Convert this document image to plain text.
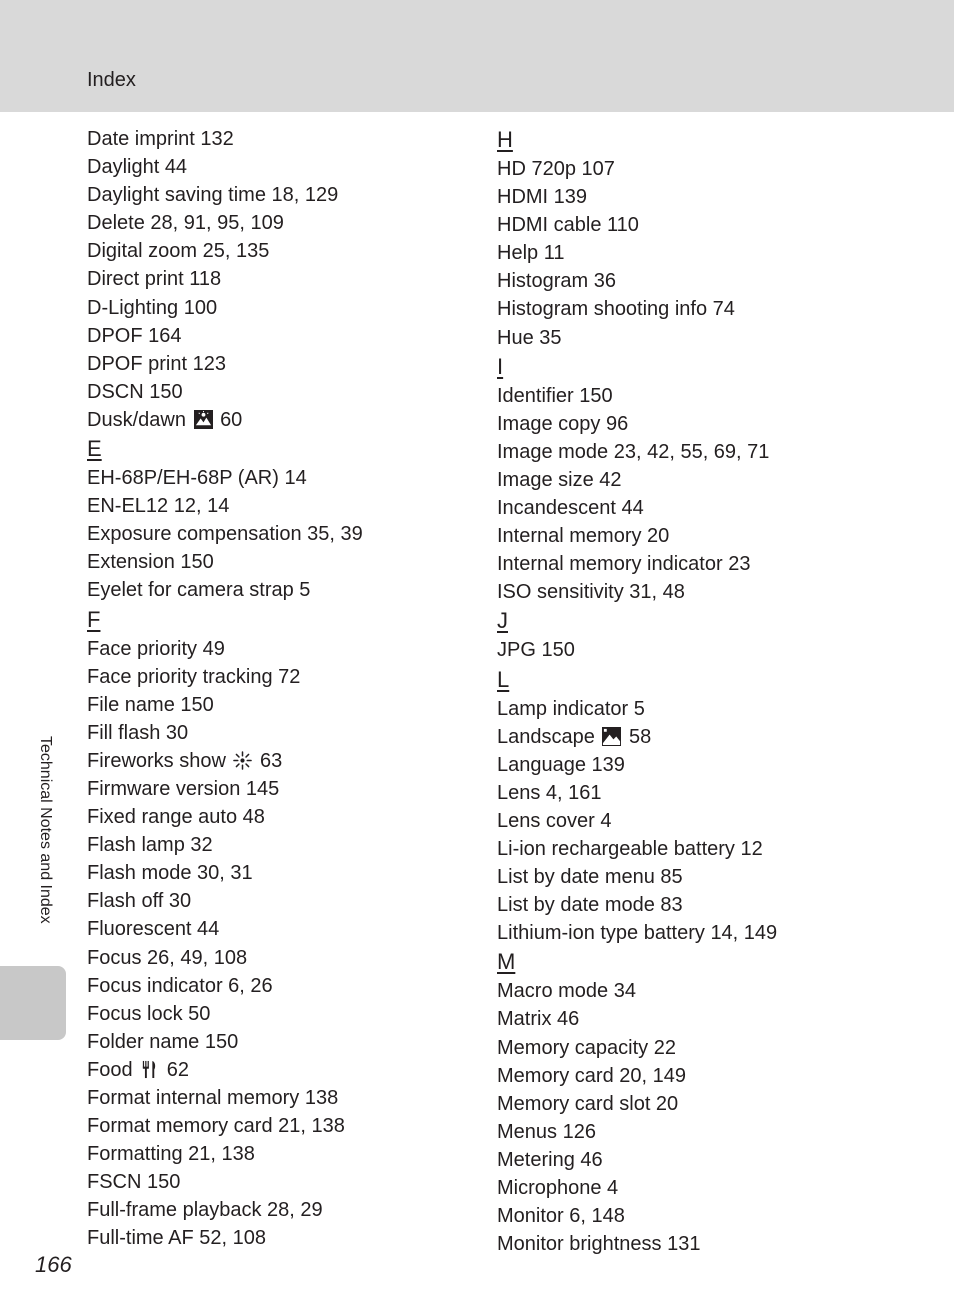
Index
Date imprint 132
Daylight 44
Daylight saving time 18, 129
Delete 28, 91, 95, 109
Digital zoom 25, 135
Direct print 118
D-Lighting 100
DPOF 164
DPOF print 123
DSCN 150
Dusk/dawn 60
E
EH-68P/EH-68P (AR) 14
EN-EL12 12, 14
Exposure compensation 35, 39
Extension 150
Eyelet for camera strap 5
F
Face priority 49
Face priority tracking 72
File name 150
Fill flash 30
Fireworks show 63
Firmware version 145
Fixed range auto 48
Flash lamp 32
Flash mode 30, 31
Flash off 30
Fluorescent 44
Focus 26, 49, 108
Focus indicator 6, 26
Focus lock 50
Folder name 150
Food 62
Format internal memory 138
Format memory card 21, 138
Formatting 21, 138
FSCN 150
Full-frame playback 28, 29
Full-time AF 52, 108
H
HD 720p 107
HDMI 139
HDMI cable 110
Help 11
Histogram 36
Histogram shooting info 74
Hue 35
I
Identifier 150
Image copy 96
Image mode 23, 42, 55, 69, 71
Image size 42
Incandescent 44
Internal memory 20
Internal memory indicator 23
ISO sensitivity 31, 48
J
JPG 150
L
Lamp indicator 5
Landscape 58
Language 139
Lens 4, 161
Lens cover 4
Li-ion rechargeable battery 12
List by date menu 85
List by date mode 83
Lithium-ion type battery 14, 149
M
Macro mode 34
Matrix 46
Memory capacity 22
Memory card 20, 149
Memory card slot 20
Menus 126
Metering 46
Microphone 4
Monitor 6, 148
Monitor brightness 131
Technical Notes and Index
166
